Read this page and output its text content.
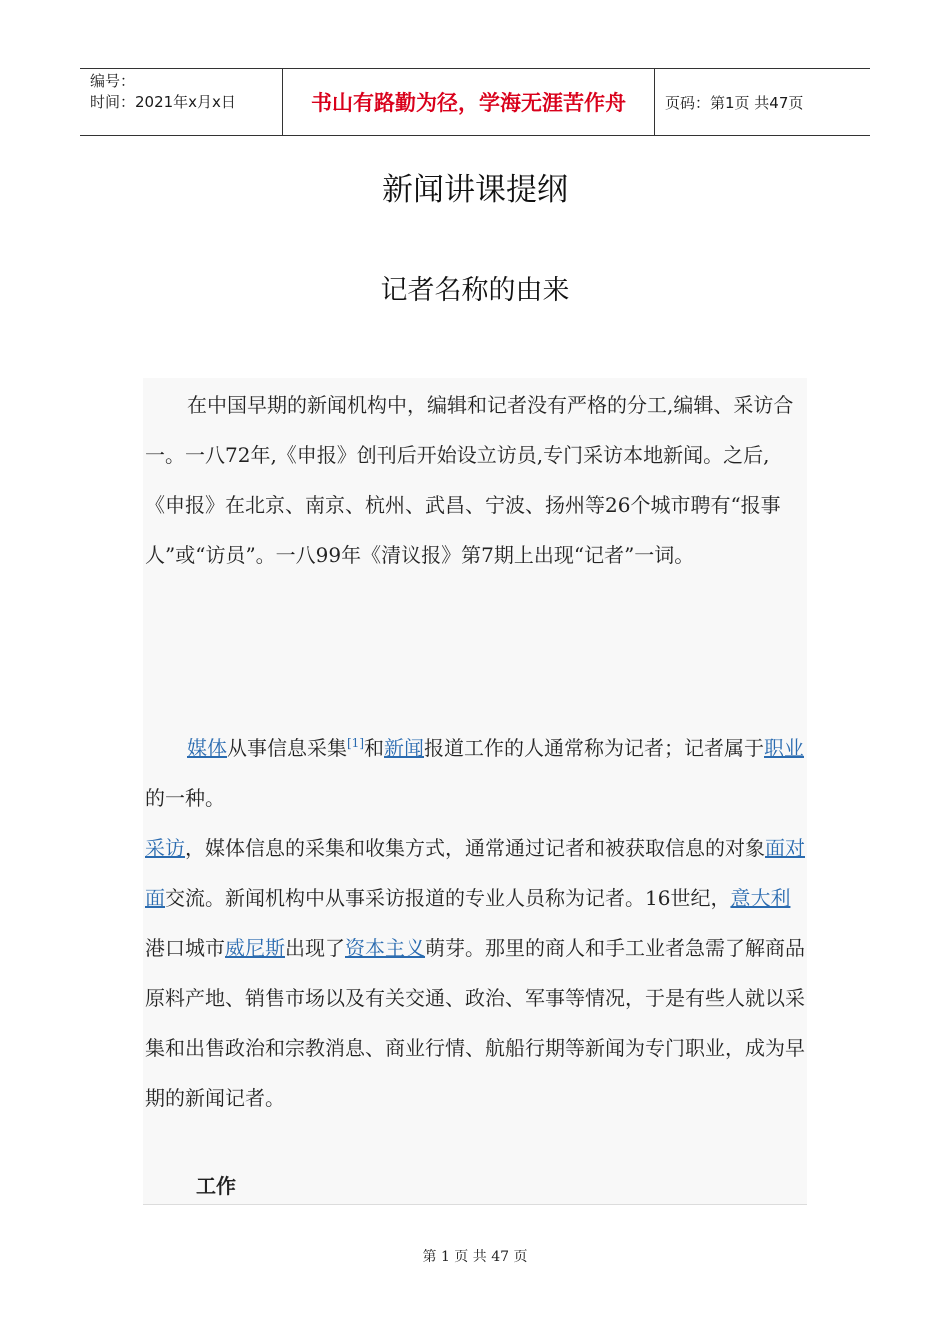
编号：
时间：2021年x月x日	书山有路勤为径，学海无涯苦作舟	页码：第1页 共47页
新闻讲课提纲
记者名称的由来

在中国早期的新闻机构中，编辑和记者没有严格的分工,编辑、采访合一。一八72年,《申报》创刊后开始设立访员,专门采访本地新闻。之后,《申报》在北京、南京、杭州、武昌、宁波、扬州等26个城市聘有“报事人”或“访员”。一八99年《清议报》第7期上出现“记者”一词。

媒体从事信息采集[1]和新闻报道工作的人通常称为记者；记者属于职业的一种。

采访，媒体信息的采集和收集方式，通常通过记者和被获取信息的对象面对面交流。新闻机构中从事采访报道的专业人员称为记者。16世纪，意大利港口城市威尼斯出现了资本主义萌芽。那里的商人和手工业者急需了解商品原料产地、销售市场以及有关交通、政治、军事等情况，于是有些人就以采集和出售政治和宗教消息、商业行情、航船行期等新闻为专门职业，成为早期的新闻记者。

工作
第 1 页 共 47 页
